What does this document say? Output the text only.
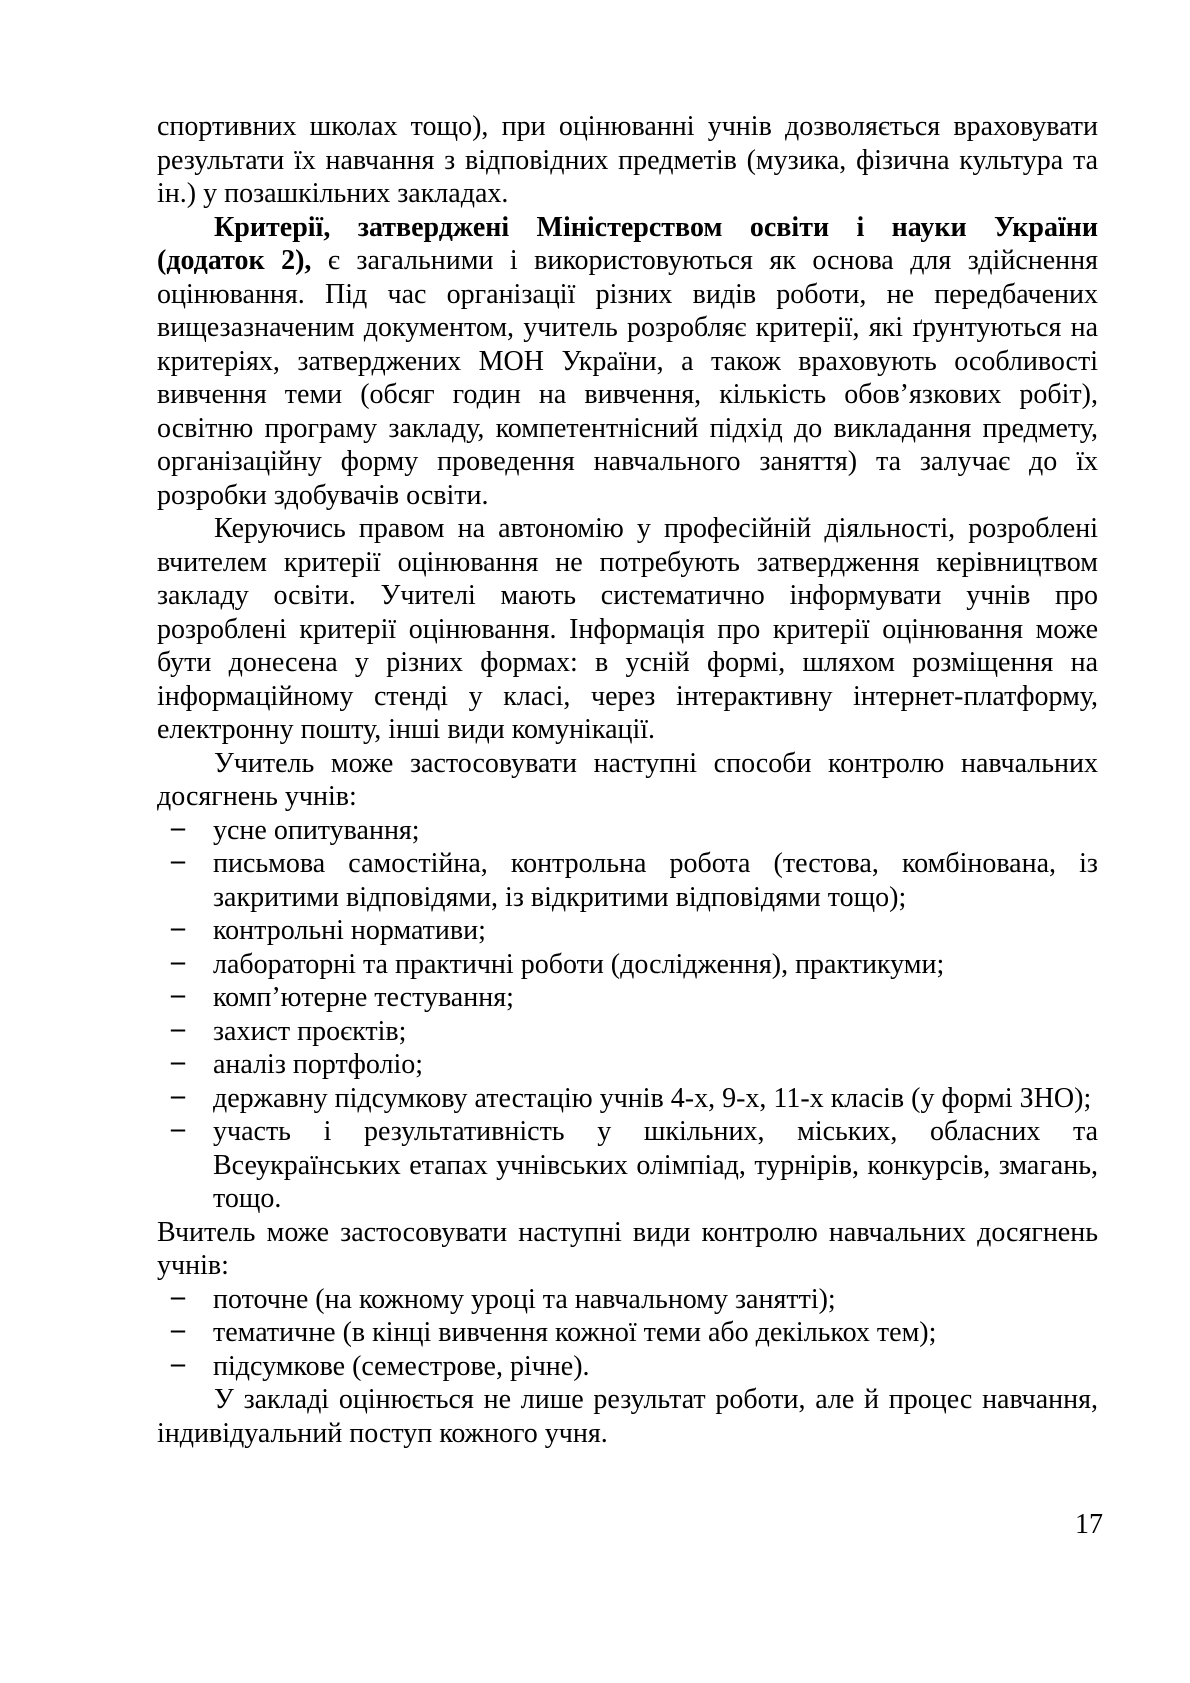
спортивних школах тощо), при оцінюванні учнів дозволяється враховувати
результати їх навчання з відповідних предметів (музика, фізична культура та
ін.) у позашкільних закладах.
Критерії, затверджені Міністерством освіти і науки України
(додаток 2), є загальними і використовуються як основа для здійснення
оцінювання. Під час організації різних видів роботи, не передбачених
вищезазначеним документом, учитель розробляє критерії, які ґрунтуються на
критеріях, затверджених МОН України, а також враховують особливості
вивчення теми (обсяг годин на вивчення, кількість обов’язкових робіт),
освітню програму закладу, компетентнісний підхід до викладання предмету,
організаційну форму проведення навчального заняття) та залучає до їх
розробки здобувачів освіти.
Керуючись правом на автономію у професійній діяльності, розроблені
вчителем критерії оцінювання не потребують затвердження керівництвом
закладу освіти. Учителі мають систематично інформувати учнів про
розроблені критерії оцінювання. Інформація про критерії оцінювання може
бути донесена у різних формах: в усній формі, шляхом розміщення на
інформаційному стенді у класі, через інтерактивну інтернет-платформу,
електронну пошту, інші види комунікації.
Учитель може застосовувати наступні способи контролю навчальних
досягнень учнів:
– усне опитування;
– письмова самостійна, контрольна робота (тестова, комбінована, із
закритими відповідями, із відкритими відповідями тощо);
– контрольні нормативи;
– лабораторні та практичні роботи (дослідження), практикуми;
– комп’ютерне тестування;
– захист проєктів;
– аналіз портфоліо;
– державну підсумкову атестацію учнів 4-х, 9-х, 11-х класів (у формі ЗНО);
– участь і результативність у шкільних, міських, обласних та
Всеукраїнських етапах учнівських олімпіад, турнірів, конкурсів, змагань,
тощо.
Вчитель може застосовувати наступні види контролю навчальних досягнень
учнів:
– поточне (на кожному уроці та навчальному занятті);
– тематичне (в кінці вивчення кожної теми або декількох тем);
– підсумкове (семестрове, річне).
У закладі оцінюється не лише результат роботи, але й процес навчання,
індивідуальний поступ кожного учня.
17
